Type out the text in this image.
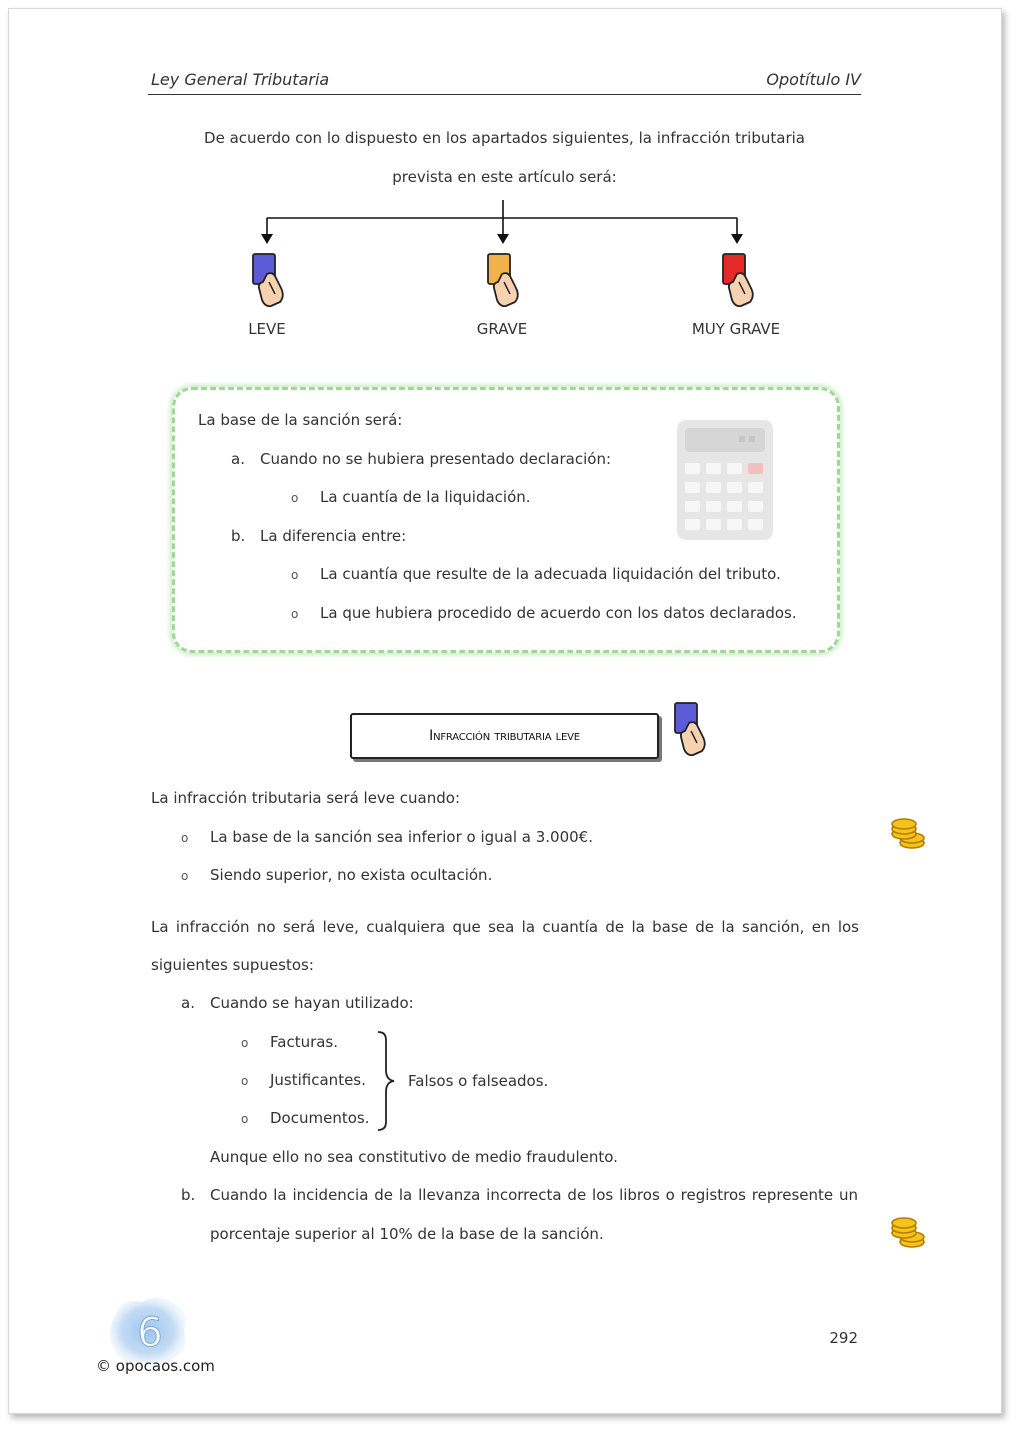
Ley General Tributaria	Opotítulo IV
De acuerdo con lo dispuesto en los apartados siguientes, la infracción tributaria
prevista en este artículo será:
LEVE	GRAVE	MUY GRAVE
La base de la sanción será:
a. Cuando no se hubiera presentado declaración:
o La cuantía de la liquidación.
b. La diferencia entre:
o La cuantía que resulte de la adecuada liquidación del tributo.
o La que hubiera procedido de acuerdo con los datos declarados.
Infracción tributaria leve
La infracción tributaria será leve cuando:
o La base de la sanción sea inferior o igual a 3.000€.
o Siendo superior, no exista ocultación.
La infracción no será leve, cualquiera que sea la cuantía de la base de la sanción, en los
siguientes supuestos:
a. Cuando se hayan utilizado:
o Facturas.
o Justificantes.
o Documentos.
Falsos o falseados.
Aunque ello no sea constitutivo de medio fraudulento.
b. Cuando la incidencia de la llevanza incorrecta de los libros o registros represente un
porcentaje superior al 10% de la base de la sanción.
292
6
© opocaos.com
